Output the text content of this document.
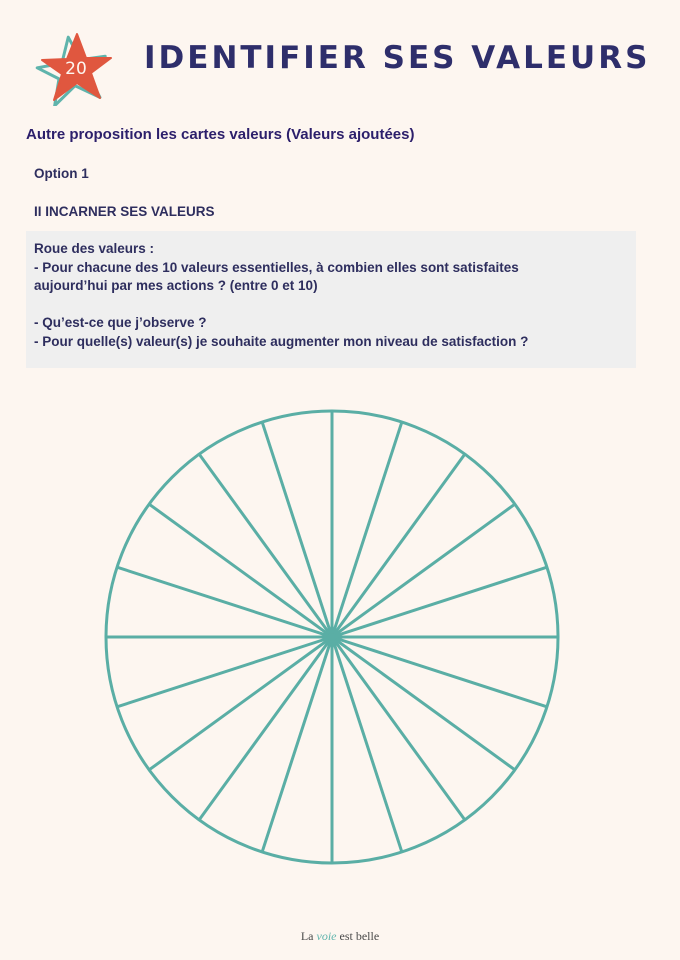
20 IDENTIFIER SES VALEURS
Autre proposition les cartes valeurs (Valeurs ajoutées)
Option 1
II INCARNER SES VALEURS
Roue des valeurs :
- Pour chacune des 10 valeurs essentielles, à combien elles sont satisfaites
aujourd’hui par mes actions ? (entre 0 et 10)
- Qu’est-ce que j’observe ?
- Pour quelle(s) valeur(s) je souhaite augmenter mon niveau de satisfaction ?
La voie est belle
